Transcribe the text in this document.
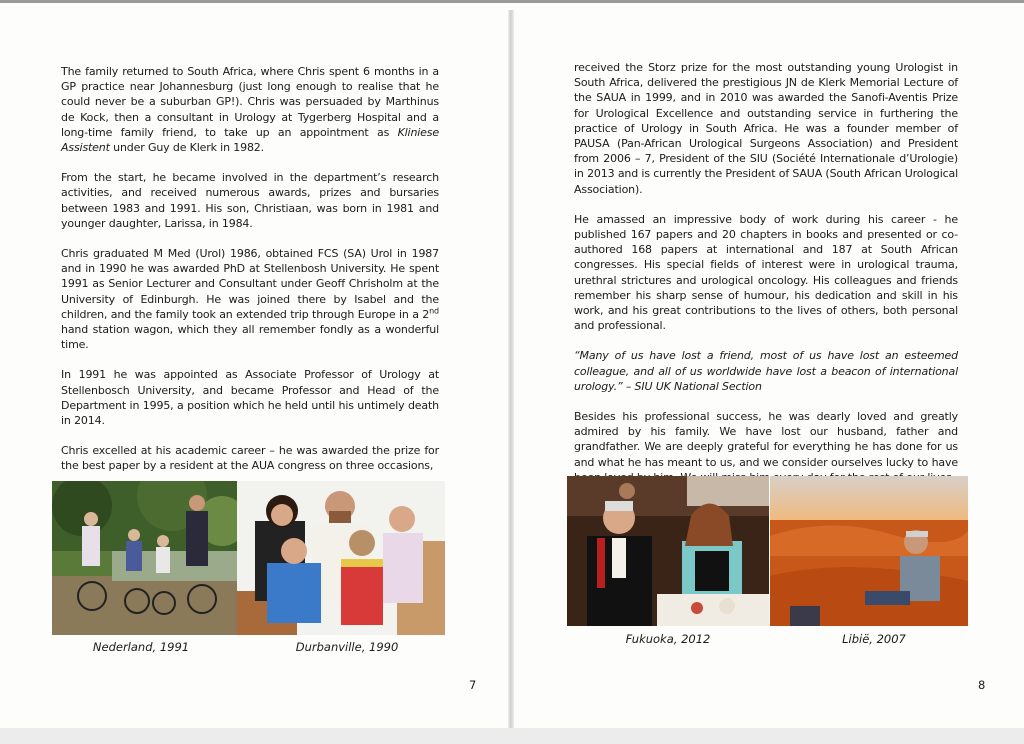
The family returned to South Africa, where Chris spent 6 months in a GP practice near Johannesburg (just long enough to realise that he could never be a suburban GP!). Chris was persuaded by Marthinus de Kock, then a consultant in Urology at Tygerberg Hospital and a long-time family friend, to take up an appointment as Kliniese Assistent under Guy de Klerk in 1982.

From the start, he became involved in the department’s research activities, and received numerous awards, prizes and bursaries between 1983 and 1991. His son, Christiaan, was born in 1981 and younger daughter, Larissa, in 1984.

Chris graduated M Med (Urol) 1986, obtained FCS (SA) Urol in 1987 and in 1990 he was awarded PhD at Stellenbosh University. He spent 1991 as Senior Lecturer and Consultant under Geoff Chrisholm at the University of Edinburgh. He was joined there by Isabel and the children, and the family took an extended trip through Europe in a 2nd hand station wagon, which they all remember fondly as a wonderful time.

In 1991 he was appointed as Associate Professor of Urology at Stellenbosch University, and became Professor and Head of the Department in 1995, a position which he held until his untimely death in 2014.

Chris excelled at his academic career – he was awarded the prize for the best paper by a resident at the AUA congress on three occasions,

Nederland, 1991	Durbanville, 1990
7

received the Storz prize for the most outstanding young Urologist in South Africa, delivered the prestigious JN de Klerk Memorial Lecture of the SAUA in 1999, and in 2010 was awarded the Sanofi-Aventis Prize for Urological Excellence and outstanding service in furthering the practice of Urology in South Africa. He was a founder member of PAUSA (Pan-African Urological Surgeons Association) and President from 2006 – 7, President of the SIU (Société Internationale d’Urologie) in 2013 and is currently the President of SAUA (South African Urological Association).

He amassed an impressive body of work during his career - he published 167 papers and 20 chapters in books and presented or co-authored 168 papers at international and 187 at South African congresses. His special fields of interest were in urological trauma, urethral strictures and urological oncology. His colleagues and friends remember his sharp sense of humour, his dedication and skill in his work, and his great contributions to the lives of others, both personal and professional.

“Many of us have lost a friend, most of us have lost an esteemed colleague, and all of us worldwide have lost a beacon of international urology.” – SIU UK National Section

Besides his professional success, he was dearly loved and greatly admired by his family. We have lost our husband, father and grandfather. We are deeply grateful for everything he has done for us and what he has meant to us, and we consider ourselves lucky to have

Fukuoka, 2012	Libië, 2007
8
